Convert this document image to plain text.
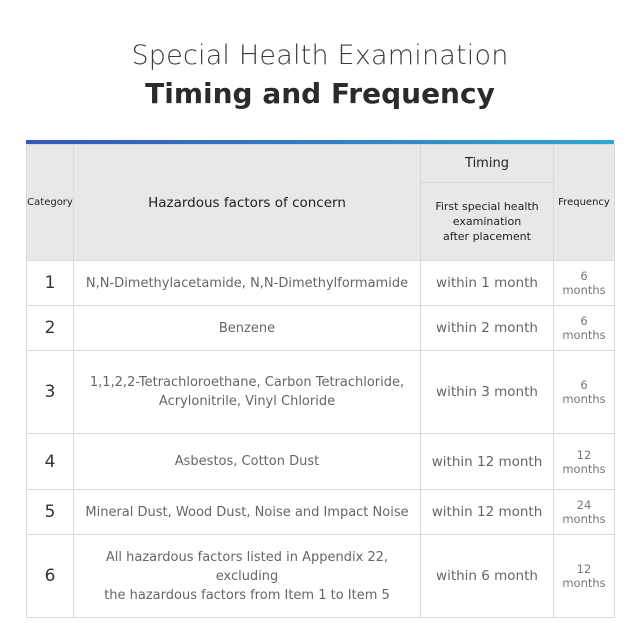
Special Health Examination
Timing and Frequency
Category	Hazardous factors of concern	Timing	Frequency

		First special health
examination
after placement	

1	N,N-Dimethylacetamide, N,N-Dimethylformamide	within 1 month	6
months

2	Benzene	within 2 month	6
months

3	1,1,2,2-Tetrachloroethane, Carbon Tetrachloride,
Acrylonitrile, Vinyl Chloride	within 3 month	6
months

4	Asbestos, Cotton Dust	within 12 month	12
months

5	Mineral Dust, Wood Dust, Noise and Impact Noise	within 12 month	24
months

6	All hazardous factors listed in Appendix 22, excluding
the hazardous factors from Item 1 to Item 5	within 6 month	12
months
